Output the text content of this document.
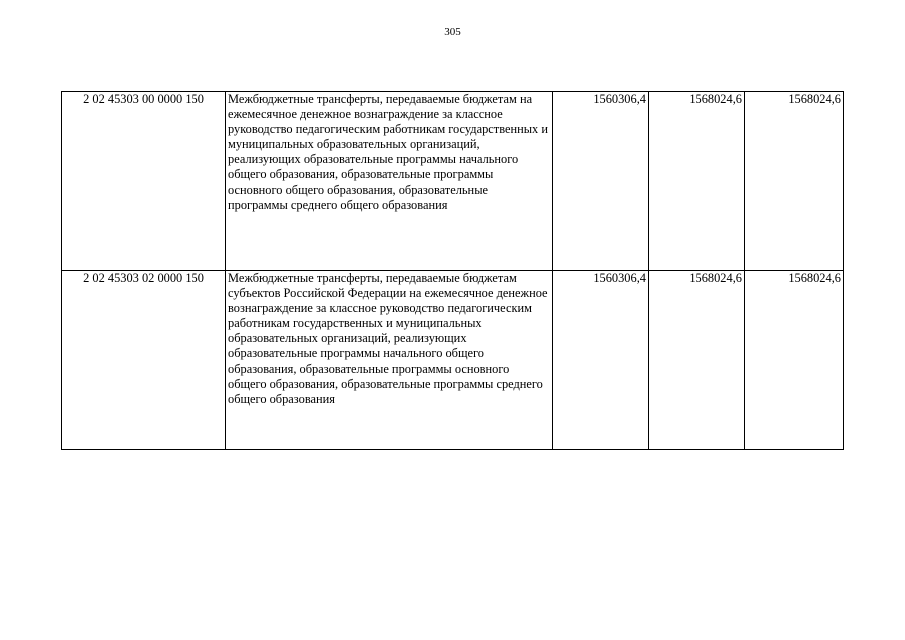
305
2 02 45303 00 0000 150	Межбюджетные трансферты, передаваемые бюджетам на ежемесячное денежное вознаграждение за классное руководство педагогическим работникам государственных и муниципальных образовательных организаций, реализующих образовательные программы начального общего образования, образовательные программы основного общего образования, образовательные программы среднего общего образования	1560306,4	1568024,6	1568024,6
2 02 45303 02 0000 150	Межбюджетные трансферты, передаваемые бюджетам субъектов Российской Федерации на ежемесячное денежное вознаграждение за классное руководство педагогическим работникам государственных и муниципальных образовательных организаций, реализующих образовательные программы начального общего образования, образовательные программы основного общего образования, образовательные программы среднего общего образования	1560306,4	1568024,6	1568024,6
